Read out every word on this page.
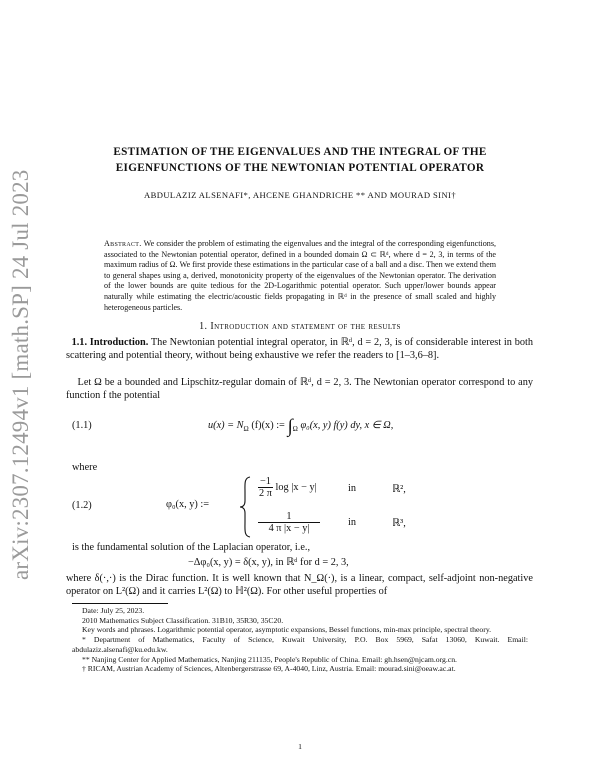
arXiv:2307.12494v1 [math.SP] 24 Jul 2023
ESTIMATION OF THE EIGENVALUES AND THE INTEGRAL OF THE
EIGENFUNCTIONS OF THE NEWTONIAN POTENTIAL OPERATOR
ABDULAZIZ ALSENAFI*, AHCENE GHANDRICHE ** AND MOURAD SINI†
Abstract. We consider the problem of estimating the eigenvalues and the integral of the corresponding eigenfunctions, associated to the Newtonian potential operator, defined in a bounded domain Ω ⊂ ℝᵈ, where d = 2, 3, in terms of the maximum radius of Ω. We first provide these estimations in the particular case of a ball and a disc. Then we extend them to general shapes using a, derived, monotonicity property of the eigenvalues of the Newtonian operator. The derivation of the lower bounds are quite tedious for the 2D-Logarithmic potential operator. Such upper/lower bounds appear naturally while estimating the electric/acoustic fields propagating in ℝᵈ in the presence of small scaled and highly heterogeneous particles.
1. Introduction and statement of the results
1.1. Introduction. The Newtonian potential integral operator, in ℝᵈ, d = 2, 3, is of considerable interest in both scattering and potential theory, without being exhaustive we refer the readers to [1–3,6–8].
Let Ω be a bounded and Lipschitz-regular domain of ℝᵈ, d = 2, 3. The Newtonian operator correspond to any function f the potential
(1.1)	$u(x) = N_\Omega$ (f)(x) := $\int_\Omega$ φ₀(x, y) f(y) dy, x ∈ Ω,
where
(1.2)	φ₀(x, y) :=
$\frac{-1}{2 \pi}$ log |x − y|	in	ℝ²,
$\frac{1}{4 \pi |x - y|}$	in	ℝ³,
is the fundamental solution of the Laplacian operator, i.e.,
−Δφ₀(x, y) = δ(x, y), in ℝᵈ for d = 2, 3,
where δ(·,·) is the Dirac function. It is well known that N_Ω(·), is a linear, compact, self-adjoint non-negative operator on L²(Ω) and it carries L²(Ω) to ℍ²(Ω). For other useful properties of

Date: July 25, 2023.

2010 Mathematics Subject Classification. 31B10, 35R30, 35C20.

Key words and phrases. Logarithmic potential operator, asymptotic expansions, Bessel functions, min-max principle, spectral theory.

* Department of Mathematics, Faculty of Science, Kuwait University, P.O. Box 5969, Safat 13060, Kuwait. Email: abdulaziz.alsenafi@ku.edu.kw.

** Nanjing Center for Applied Mathematics, Nanjing 211135, People's Republic of China. Email: gh.hsen@njcam.org.cn.

† RICAM, Austrian Academy of Sciences, Altenbergerstrasse 69, A-4040, Linz, Austria. Email: mourad.sini@oeaw.ac.at.

1
